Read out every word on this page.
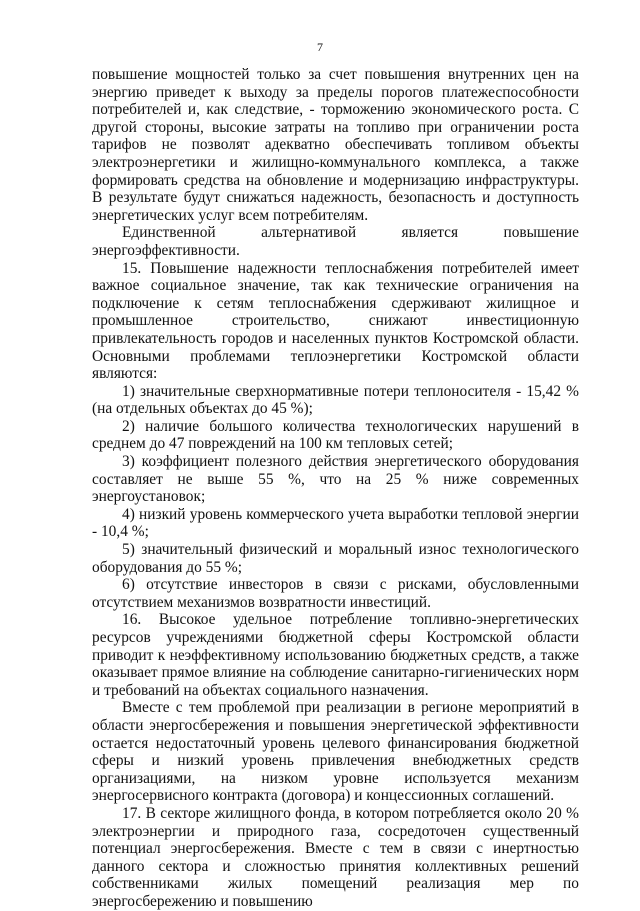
7

повышение мощностей только за счет повышения внутренних цен на энергию приведет к выходу за пределы порогов платежеспособности потребителей и, как следствие, - торможению экономического роста. С другой стороны, высокие затраты на топливо при ограничении роста тарифов не позволят адекватно обеспечивать топливом объекты электроэнергетики и жилищно-коммунального комплекса, а также формировать средства на обновление и модернизацию инфраструктуры. В результате будут снижаться надежность, безопасность и доступность энергетических услуг всем потребителям.

Единственной альтернативой является повышение энергоэффективности.

15. Повышение надежности теплоснабжения потребителей имеет важное социальное значение, так как технические ограничения на подключение к сетям теплоснабжения сдерживают жилищное и промышленное строительство, снижают инвестиционную привлекательность городов и населенных пунктов Костромской области. Основными проблемами теплоэнергетики Костромской области являются:

1) значительные сверхнормативные потери теплоносителя - 15,42 % (на отдельных объектах до 45 %);

2) наличие большого количества технологических нарушений в среднем до 47 повреждений на 100 км тепловых сетей;

3) коэффициент полезного действия энергетического оборудования составляет не выше 55 %, что на 25 % ниже современных энергоустановок;

4) низкий уровень коммерческого учета выработки тепловой энергии - 10,4 %;

5) значительный физический и моральный износ технологического оборудования до 55 %;

6) отсутствие инвесторов в связи с рисками, обусловленными отсутствием механизмов возвратности инвестиций.

16. Высокое удельное потребление топливно-энергетических ресурсов учреждениями бюджетной сферы Костромской области приводит к неэффективному использованию бюджетных средств, а также оказывает прямое влияние на соблюдение санитарно-гигиенических норм и требований на объектах социального назначения.

Вместе с тем проблемой при реализации в регионе мероприятий в области энергосбережения и повышения энергетической эффективности остается недостаточный уровень целевого финансирования бюджетной сферы и низкий уровень привлечения внебюджетных средств организациями, на низком уровне используется механизм энергосервисного контракта (договора) и концессионных соглашений.

17. В секторе жилищного фонда, в котором потребляется около 20 % электроэнергии и природного газа, сосредоточен существенный потенциал энергосбережения. Вместе с тем в связи с инертностью данного сектора и сложностью принятия коллективных решений собственниками жилых помещений реализация мер по энергосбережению и повышению
